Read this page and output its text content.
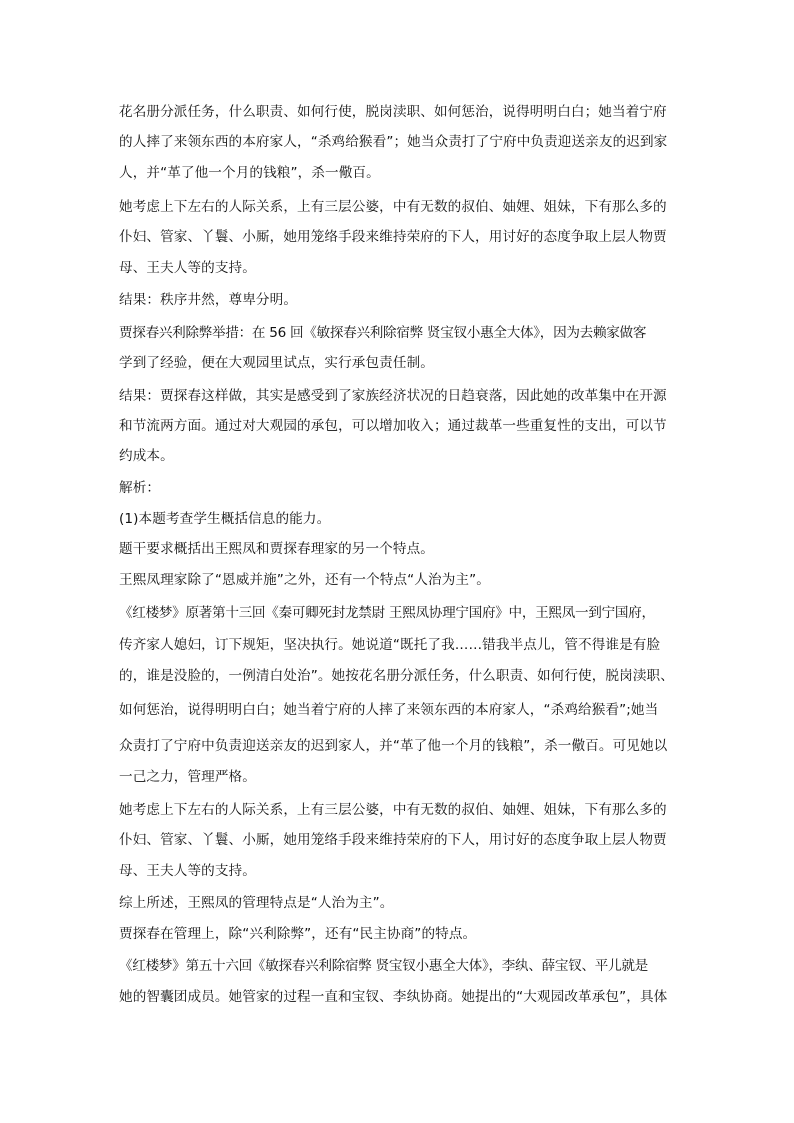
花名册分派任务，什么职责、如何行使，脱岗渎职、如何惩治，说得明明白白；她当着宁府
的人摔了来领东西的本府家人，“杀鸡给猴看”；她当众责打了宁府中负责迎送亲友的迟到家
人，并“革了他一个月的钱粮”，杀一儆百。
她考虑上下左右的人际关系，上有三层公婆，中有无数的叔伯、妯娌、姐妹，下有那么多的
仆妇、管家、丫鬟、小厮，她用笼络手段来维持荣府的下人，用讨好的态度争取上层人物贾
母、王夫人等的支持。
结果：秩序井然，尊卑分明。
贾探春兴利除弊举措：在 56 回《敏探春兴利除宿弊 贤宝钗小惠全大体》，因为去赖家做客
学到了经验，便在大观园里试点，实行承包责任制。
结果：贾探春这样做，其实是感受到了家族经济状况的日趋衰落，因此她的改革集中在开源
和节流两方面。通过对大观园的承包，可以增加收入；通过裁革一些重复性的支出，可以节
约成本。
解析：
(1)本题考查学生概括信息的能力。
题干要求概括出王熙凤和贾探春理家的另一个特点。
王熙凤理家除了“恩威并施”之外，还有一个特点“人治为主”。
《红楼梦》原著第十三回《秦可卿死封龙禁尉 王熙凤协理宁国府》中，王熙凤一到宁国府，
传齐家人媳妇，订下规矩，坚决执行。她说道“既托了我……错我半点儿，管不得谁是有脸
的，谁是没脸的，一例清白处治”。她按花名册分派任务，什么职责、如何行使，脱岗渎职、
如何惩治，说得明明白白；她当着宁府的人摔了来领东西的本府家人，“杀鸡给猴看”;她当
众责打了宁府中负责迎送亲友的迟到家人，并“革了他一个月的钱粮”，杀一儆百。可见她以
一己之力，管理严格。
她考虑上下左右的人际关系，上有三层公婆，中有无数的叔伯、妯娌、姐妹，下有那么多的
仆妇、管家、丫鬟、小厮，她用笼络手段来维持荣府的下人，用讨好的态度争取上层人物贾
母、王夫人等的支持。
综上所述，王熙凤的管理特点是“人治为主”。
贾探春在管理上，除“兴利除弊”，还有“民主协商”的特点。
《红楼梦》第五十六回《敏探春兴利除宿弊 贤宝钗小惠全大体》，李纨、薛宝钗、平儿就是
她的智囊团成员。她管家的过程一直和宝钗、李纨协商。她提出的“大观园改革承包”，具体
